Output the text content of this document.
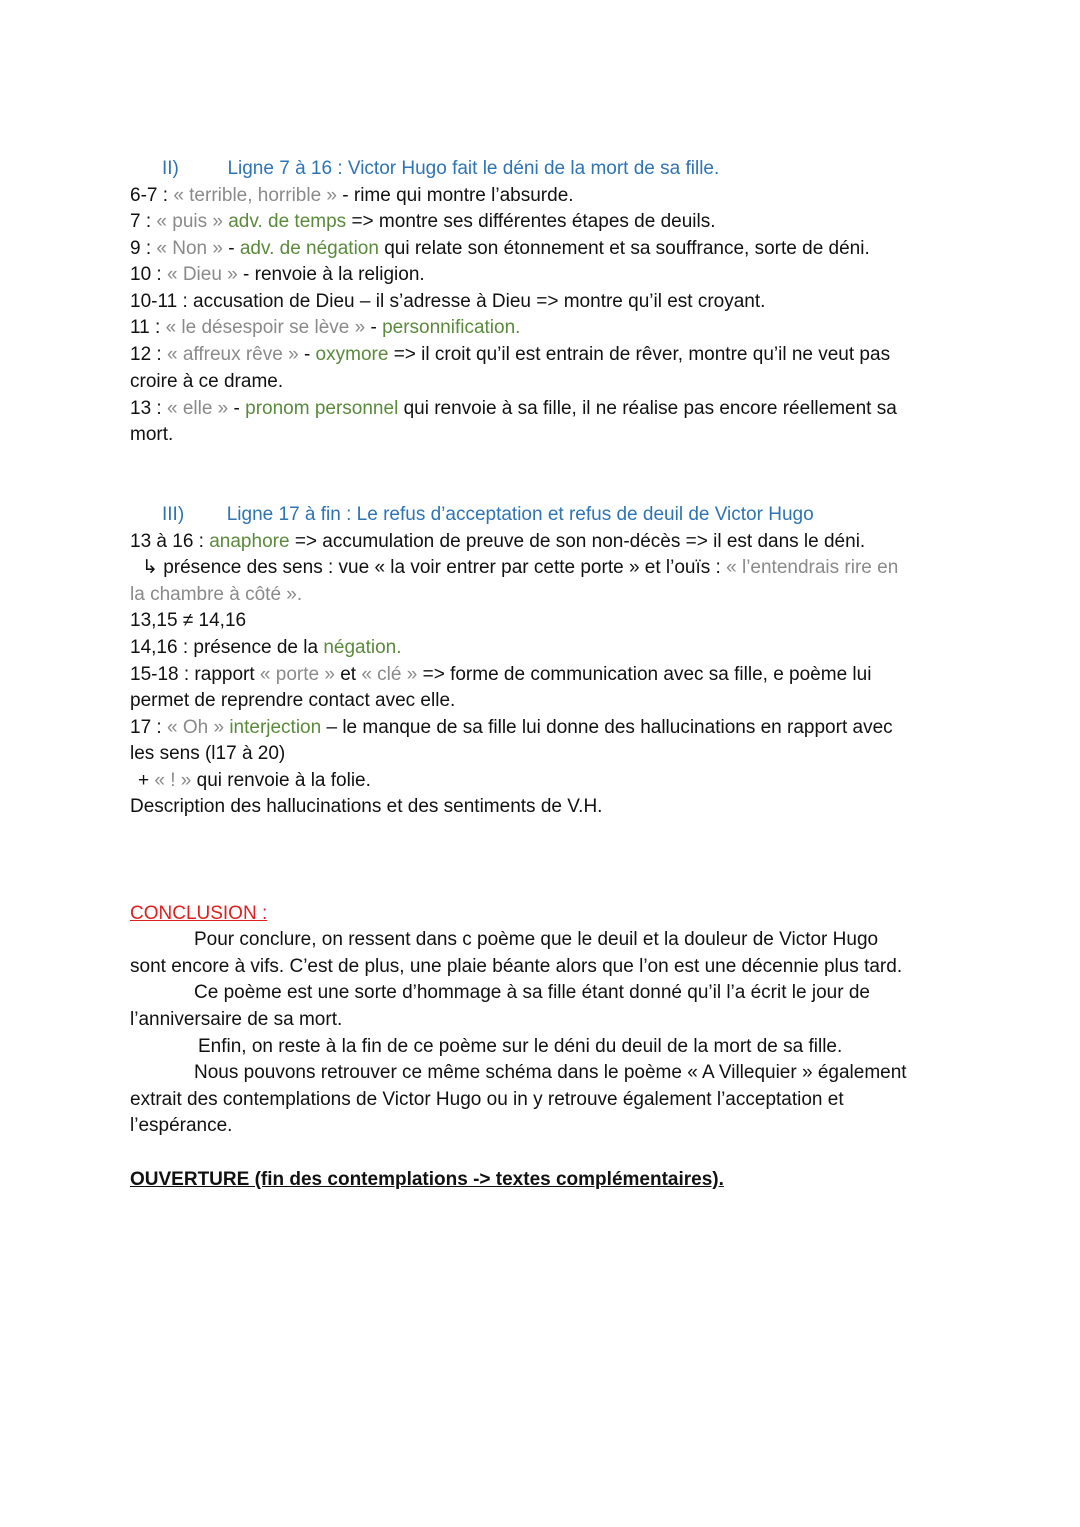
II)	Ligne 7 à 16 : Victor Hugo fait le déni de la mort de sa fille.
6-7 : « terrible, horrible » - rime qui montre l’absurde.
7 : « puis » adv. de temps => montre ses différentes étapes de deuils.
9 : « Non » - adv. de négation qui relate son étonnement et sa souffrance, sorte de déni.
10 : « Dieu » - renvoie à la religion.
10-11 : accusation de Dieu – il s’adresse à Dieu => montre qu’il est croyant.
11 : « le désespoir se lève » - personnification.
12 : « affreux rêve » - oxymore => il croit qu’il est entrain de rêver, montre qu’il ne veut pas
croire à ce drame.
13 : « elle » - pronom personnel qui renvoie à sa fille, il ne réalise pas encore réellement sa
mort.
III) Ligne 17 à fin : Le refus d’acceptation et refus de deuil de Victor Hugo
13 à 16 : anaphore => accumulation de preuve de son non-décès => il est dans le déni.
↳ présence des sens : vue « la voir entrer par cette porte » et l’ouïs : « l’entendrais rire en
la chambre à côté ».
13,15 ≠ 14,16
14,16 : présence de la négation.
15-18 : rapport « porte » et « clé » => forme de communication avec sa fille, e poème lui
permet de reprendre contact avec elle.
17 : « Oh » interjection – le manque de sa fille lui donne des hallucinations en rapport avec
les sens (l17 à 20)
+ « ! » qui renvoie à la folie.
Description des hallucinations et des sentiments de V.H.
CONCLUSION :
Pour conclure, on ressent dans c poème que le deuil et la douleur de Victor Hugo
sont encore à vifs. C’est de plus, une plaie béante alors que l’on est une décennie plus tard.
Ce poème est une sorte d’hommage à sa fille étant donné qu’il l’a écrit le jour de
l’anniversaire de sa mort.
Enfin, on reste à la fin de ce poème sur le déni du deuil de la mort de sa fille.
Nous pouvons retrouver ce même schéma dans le poème « A Villequier » également
extrait des contemplations de Victor Hugo ou in y retrouve également l’acceptation et
l’espérance.
OUVERTURE (fin des contemplations -> textes complémentaires).
